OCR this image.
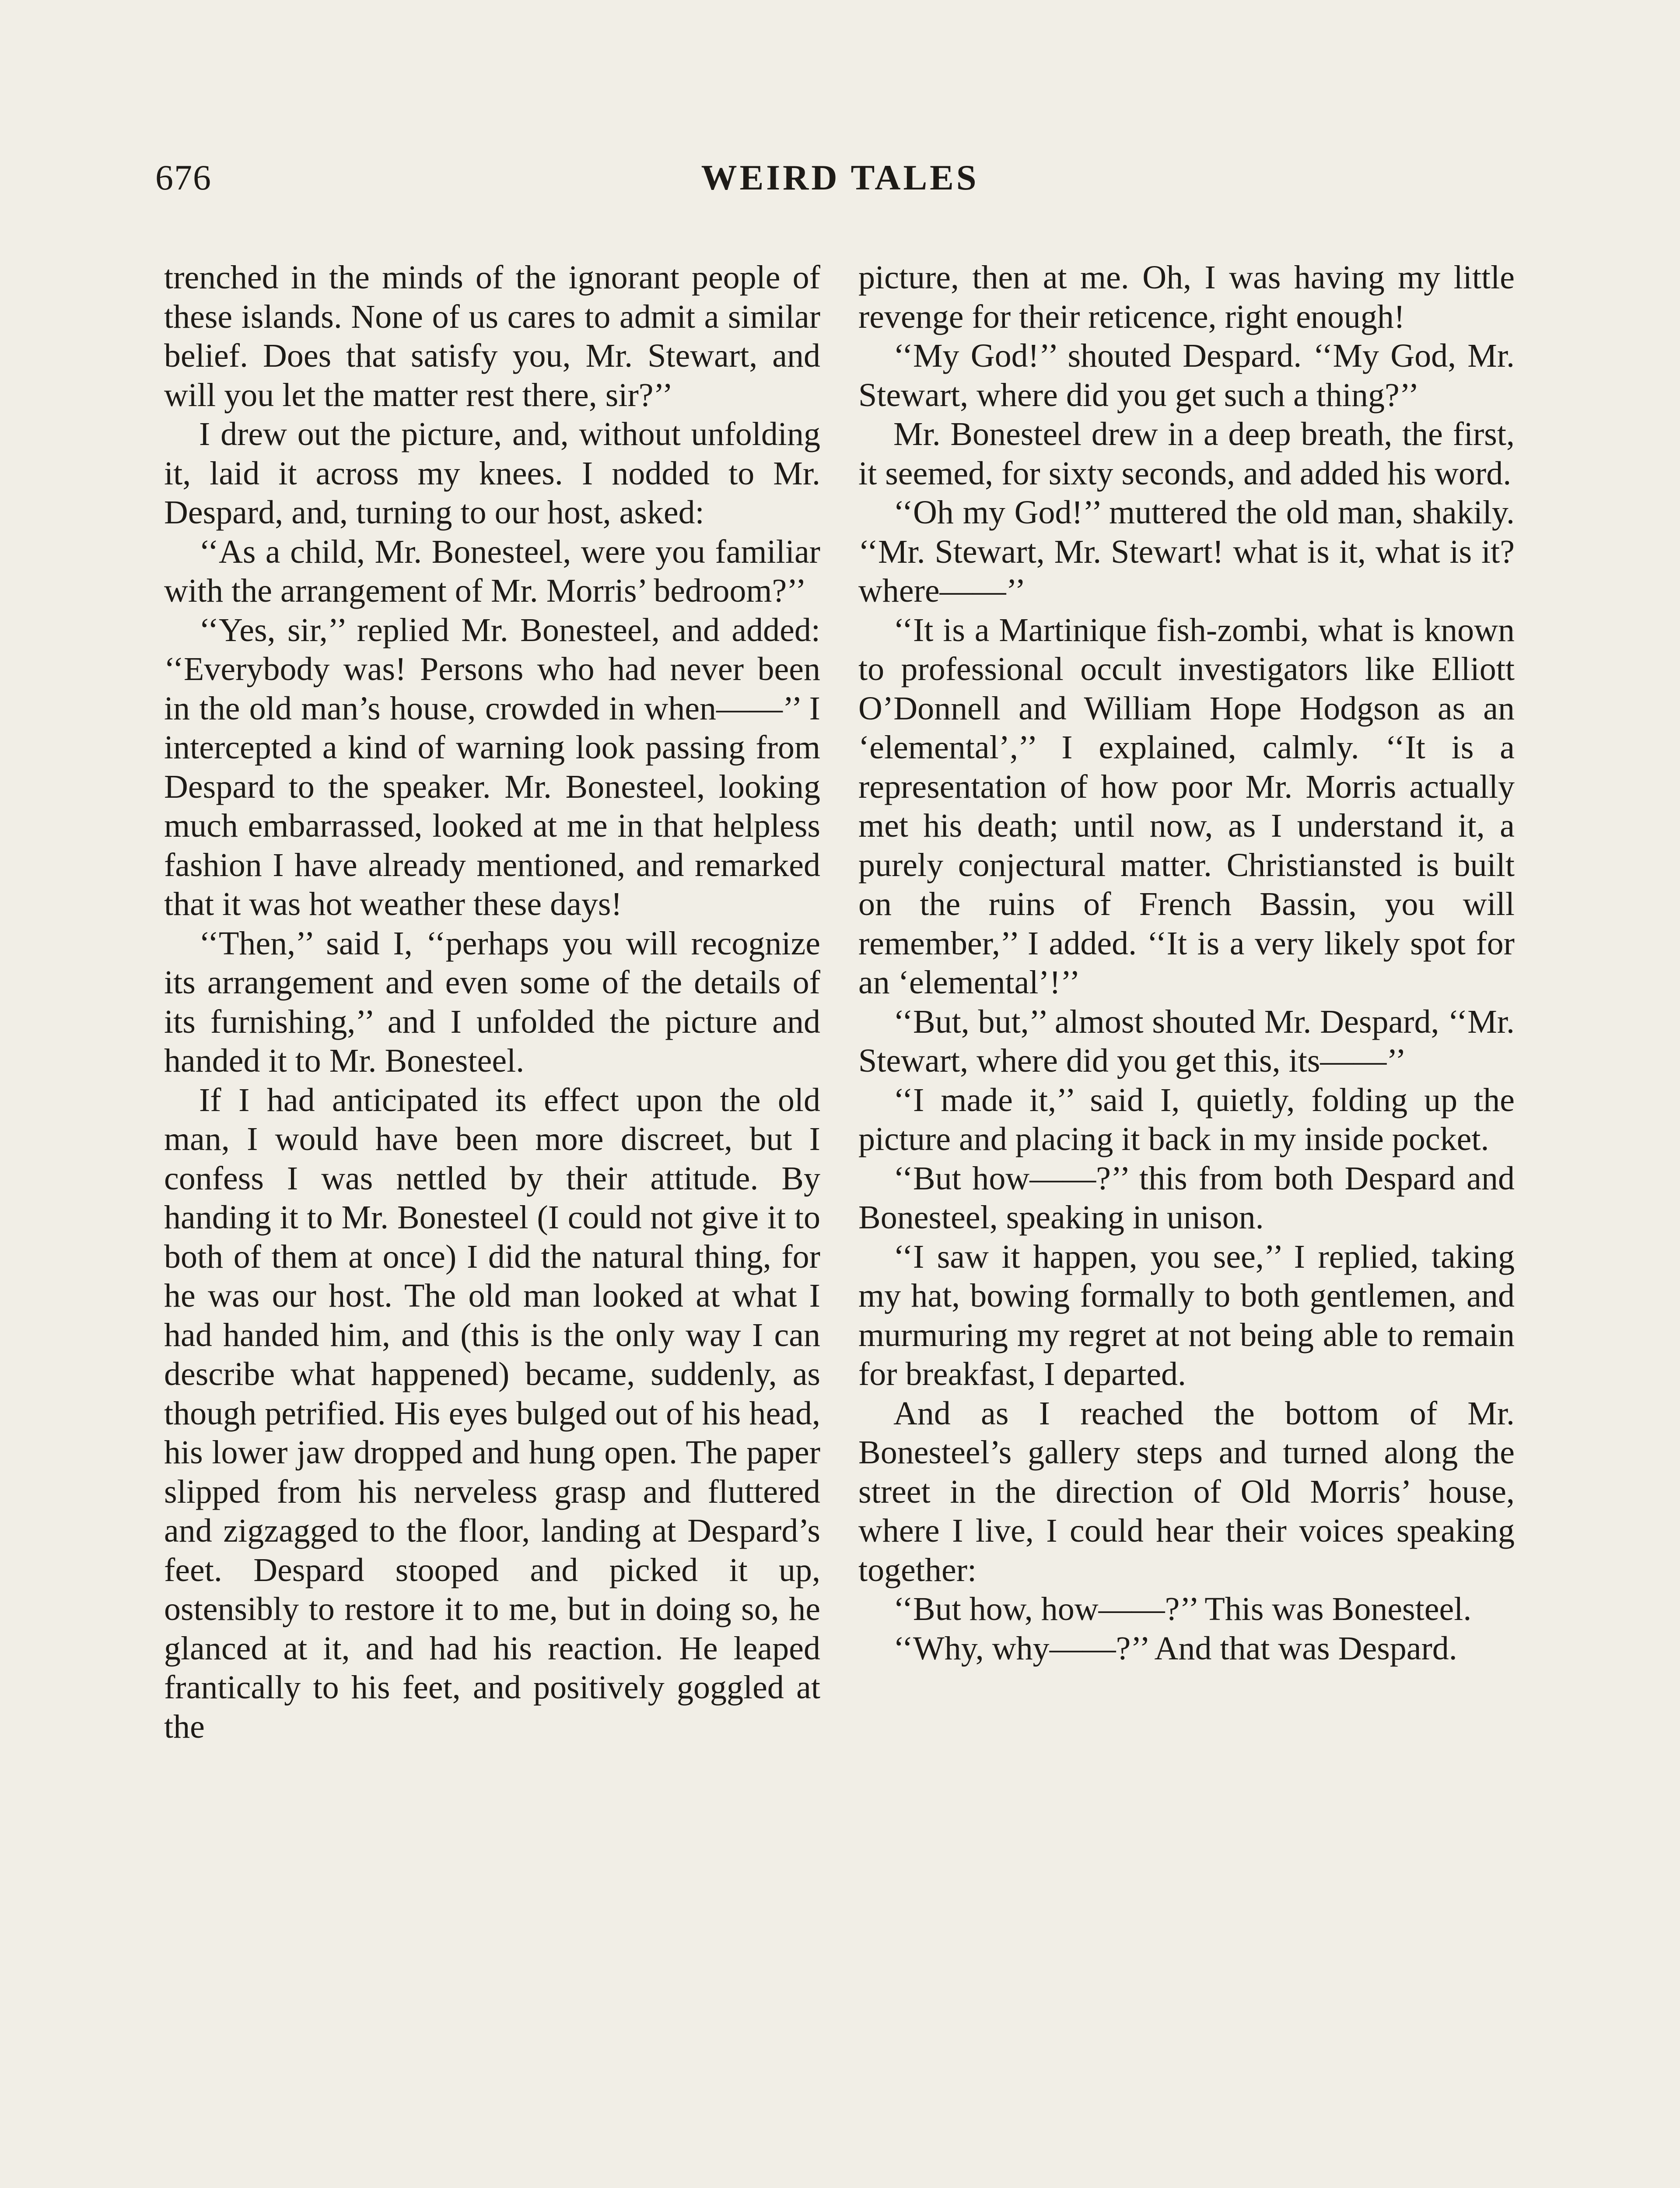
676	WEIRD TALES

trenched in the minds of the ignorant people of these islands. None of us cares to admit a similar belief. Does that satisfy you, Mr. Stewart, and will you let the matter rest there, sir?’’

I drew out the picture, and, without unfolding it, laid it across my knees. I nodded to Mr. Despard, and, turning to our host, asked:

‘‘As a child, Mr. Bonesteel, were you familiar with the arrangement of Mr. Morris’ bedroom?’’

‘‘Yes, sir,’’ replied Mr. Bonesteel, and added: ‘‘Everybody was! Persons who had never been in the old man’s house, crowded in when——’’ I intercepted a kind of warning look passing from Despard to the speaker. Mr. Bonesteel, looking much embarrassed, looked at me in that helpless fashion I have already mentioned, and remarked that it was hot weather these days!

‘‘Then,’’ said I, ‘‘perhaps you will recognize its arrangement and even some of the details of its furnishing,’’ and I unfolded the picture and handed it to Mr. Bonesteel.

If I had anticipated its effect upon the old man, I would have been more discreet, but I confess I was nettled by their attitude. By handing it to Mr. Bonesteel (I could not give it to both of them at once) I did the natural thing, for he was our host. The old man looked at what I had handed him, and (this is the only way I can describe what happened) became, suddenly, as though petrified. His eyes bulged out of his head, his lower jaw dropped and hung open. The paper slipped from his nerveless grasp and fluttered and zigzagged to the floor, landing at Despard’s feet. Despard stooped and picked it up, ostensibly to restore it to me, but in doing so, he glanced at it, and had his reaction. He leaped frantically to his feet, and positively goggled at the

picture, then at me. Oh, I was having my little revenge for their reticence, right enough!

‘‘My God!’’ shouted Despard. ‘‘My God, Mr. Stewart, where did you get such a thing?’’

Mr. Bonesteel drew in a deep breath, the first, it seemed, for sixty seconds, and added his word.

‘‘Oh my God!’’ muttered the old man, shakily. ‘‘Mr. Stewart, Mr. Stewart! what is it, what is it? where——’’

‘‘It is a Martinique fish-zombi, what is known to professional occult investigators like Elliott O’Donnell and William Hope Hodgson as an ‘elemental’,’’ I explained, calmly. ‘‘It is a representation of how poor Mr. Morris actually met his death; until now, as I understand it, a purely conjectural matter. Christiansted is built on the ruins of French Bassin, you will remember,’’ I added. ‘‘It is a very likely spot for an ‘elemental’!’’

‘‘But, but,’’ almost shouted Mr. Despard, ‘‘Mr. Stewart, where did you get this, its——’’

‘‘I made it,’’ said I, quietly, folding up the picture and placing it back in my inside pocket.

‘‘But how——?’’ this from both Despard and Bonesteel, speaking in unison.

‘‘I saw it happen, you see,’’ I replied, taking my hat, bowing formally to both gentlemen, and murmuring my regret at not being able to remain for breakfast, I departed.

And as I reached the bottom of Mr. Bonesteel’s gallery steps and turned along the street in the direction of Old Morris’ house, where I live, I could hear their voices speaking together:

‘‘But how, how——?’’ This was Bonesteel.

‘‘Why, why——?’’ And that was Despard.
